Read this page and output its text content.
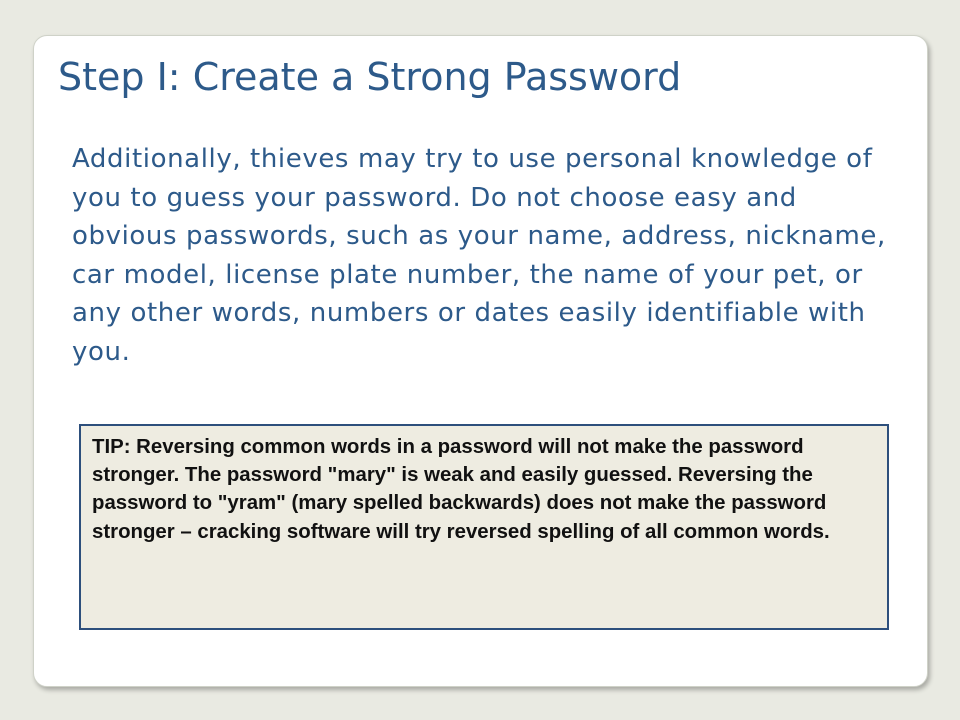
Step I: Create a Strong Password

Additionally, thieves may try to use personal knowledge of you to guess your password. Do not choose easy and obvious passwords, such as your name, address, nickname, car model, license plate number, the name of your pet, or any other words, numbers or dates easily identifiable with you.

TIP: Reversing common words in a password will not make the password stronger. The password "mary" is weak and easily guessed. Reversing the password to "yram" (mary spelled backwards) does not make the password stronger – cracking software will try reversed spelling of all common words.
